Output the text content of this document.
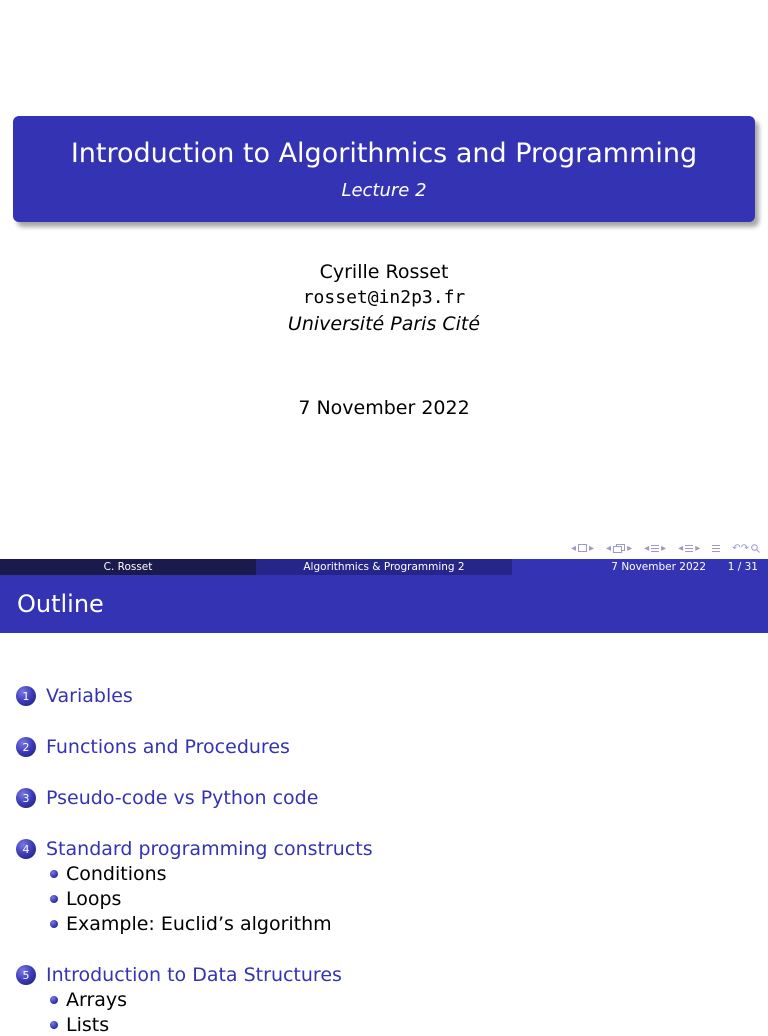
Introduction to Algorithmics and Programming
Lecture 2
Cyrille Rosset
rosset@in2p3.fr
Université Paris Cité
7 November 2022
◂ ▸ ◂ ▸ ◂ ▸ ◂ ▸	↶↷
C. Rosset	Algorithmics & Programming 2	7 November 2022 1 / 31
Outline
1 Variables
2 Functions and Procedures
3 Pseudo-code vs Python code
4 Standard programming constructs
Conditions
Loops
Example: Euclid’s algorithm
5 Introduction to Data Structures
Arrays
Lists
